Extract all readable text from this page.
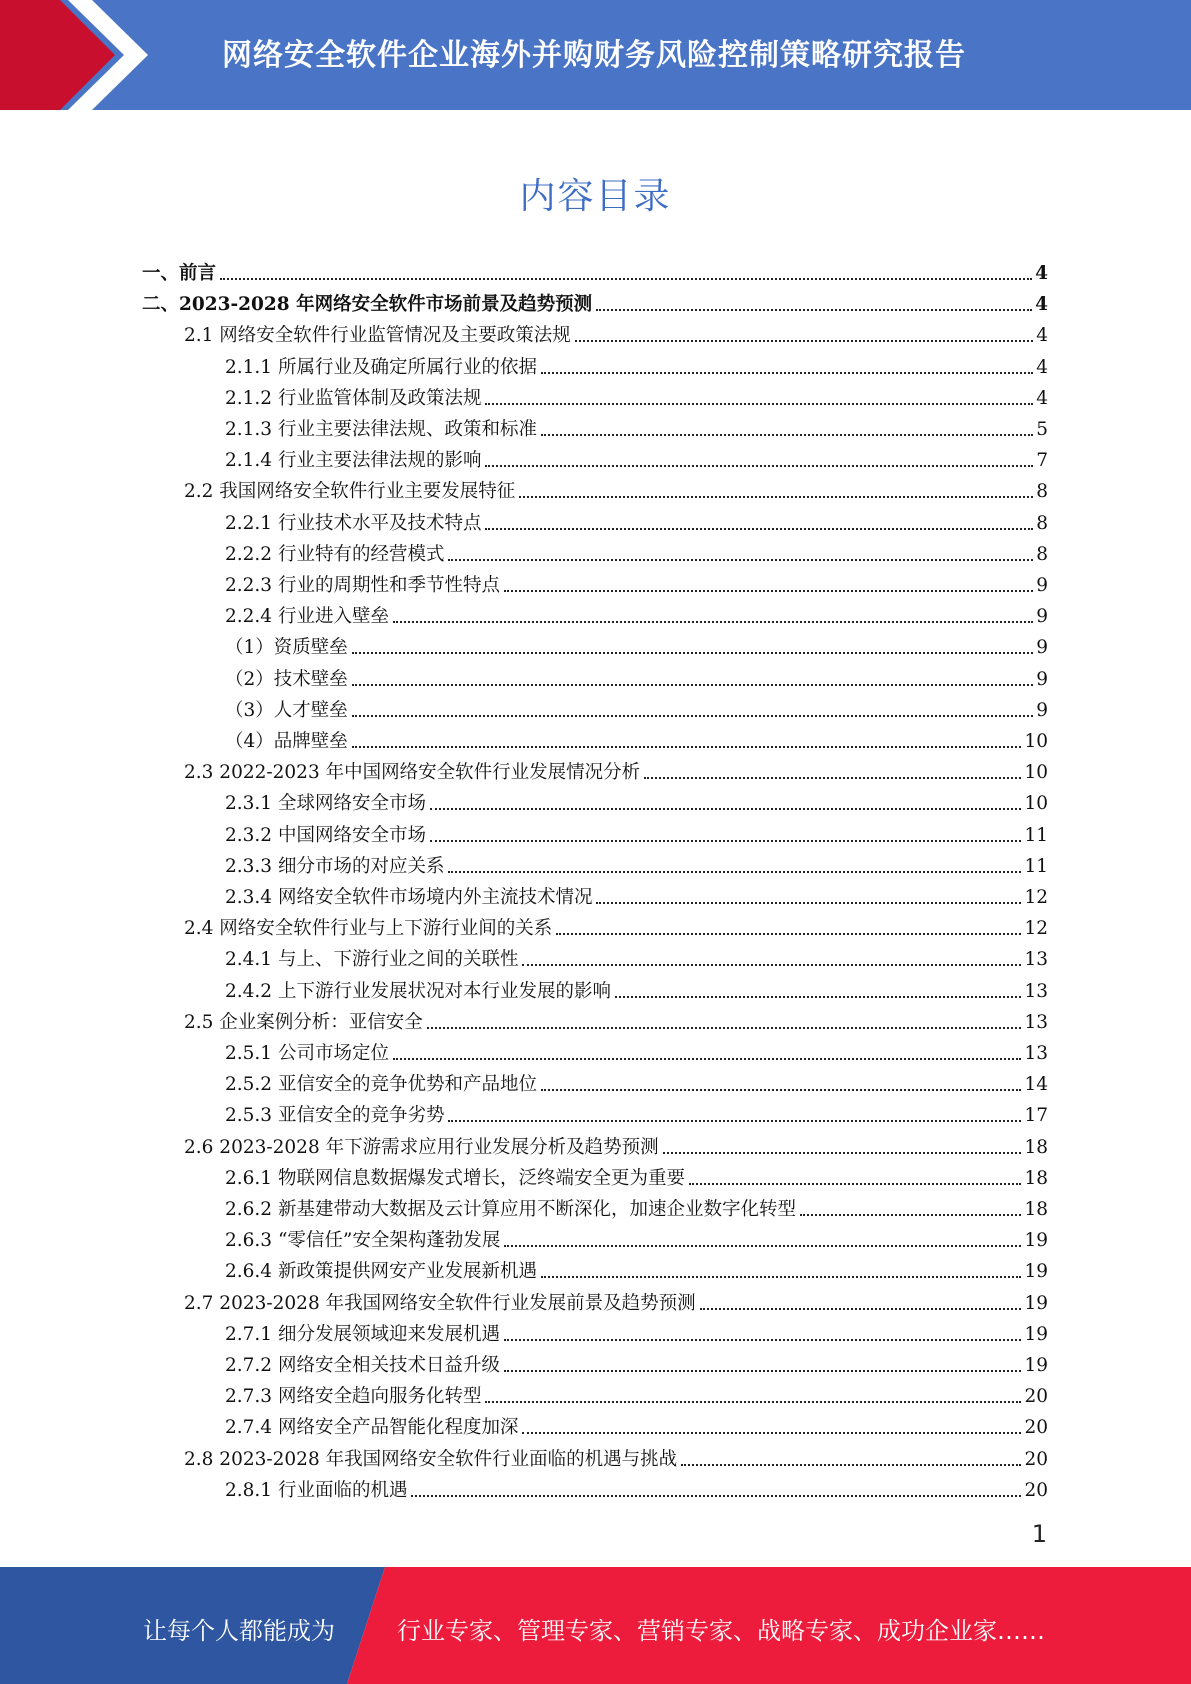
网络安全软件企业海外并购财务风险控制策略研究报告
内容目录
一、前言	4
二、2023-2028 年网络安全软件市场前景及趋势预测	4
2.1 网络安全软件行业监管情况及主要政策法规	4
2.1.1 所属行业及确定所属行业的依据	4
2.1.2 行业监管体制及政策法规	4
2.1.3 行业主要法律法规、政策和标准	5
2.1.4 行业主要法律法规的影响	7
2.2 我国网络安全软件行业主要发展特征	8
2.2.1 行业技术水平及技术特点	8
2.2.2 行业特有的经营模式	8
2.2.3 行业的周期性和季节性特点	9
2.2.4 行业进入壁垒	9
（1）资质壁垒	9
（2）技术壁垒	9
（3）人才壁垒	9
（4）品牌壁垒	10
2.3 2022-2023 年中国网络安全软件行业发展情况分析	10
2.3.1 全球网络安全市场	10
2.3.2 中国网络安全市场	11
2.3.3 细分市场的对应关系	11
2.3.4 网络安全软件市场境内外主流技术情况	12
2.4 网络安全软件行业与上下游行业间的关系	12
2.4.1 与上、下游行业之间的关联性	13
2.4.2 上下游行业发展状况对本行业发展的影响	13
2.5 企业案例分析：亚信安全	13
2.5.1 公司市场定位	13
2.5.2 亚信安全的竞争优势和产品地位	14
2.5.3 亚信安全的竞争劣势	17
2.6 2023-2028 年下游需求应用行业发展分析及趋势预测	18
2.6.1 物联网信息数据爆发式增长，泛终端安全更为重要	18
2.6.2 新基建带动大数据及云计算应用不断深化，加速企业数字化转型	18
2.6.3 “零信任”安全架构蓬勃发展	19
2.6.4 新政策提供网安产业发展新机遇	19
2.7 2023-2028 年我国网络安全软件行业发展前景及趋势预测	19
2.7.1 细分发展领域迎来发展机遇	19
2.7.2 网络安全相关技术日益升级	19
2.7.3 网络安全趋向服务化转型	20
2.7.4 网络安全产品智能化程度加深	20
2.8 2023-2028 年我国网络安全软件行业面临的机遇与挑战	20
2.8.1 行业面临的机遇	20
1
让每个人都能成为	行业专家、管理专家、营销专家、战略专家、成功企业家……
